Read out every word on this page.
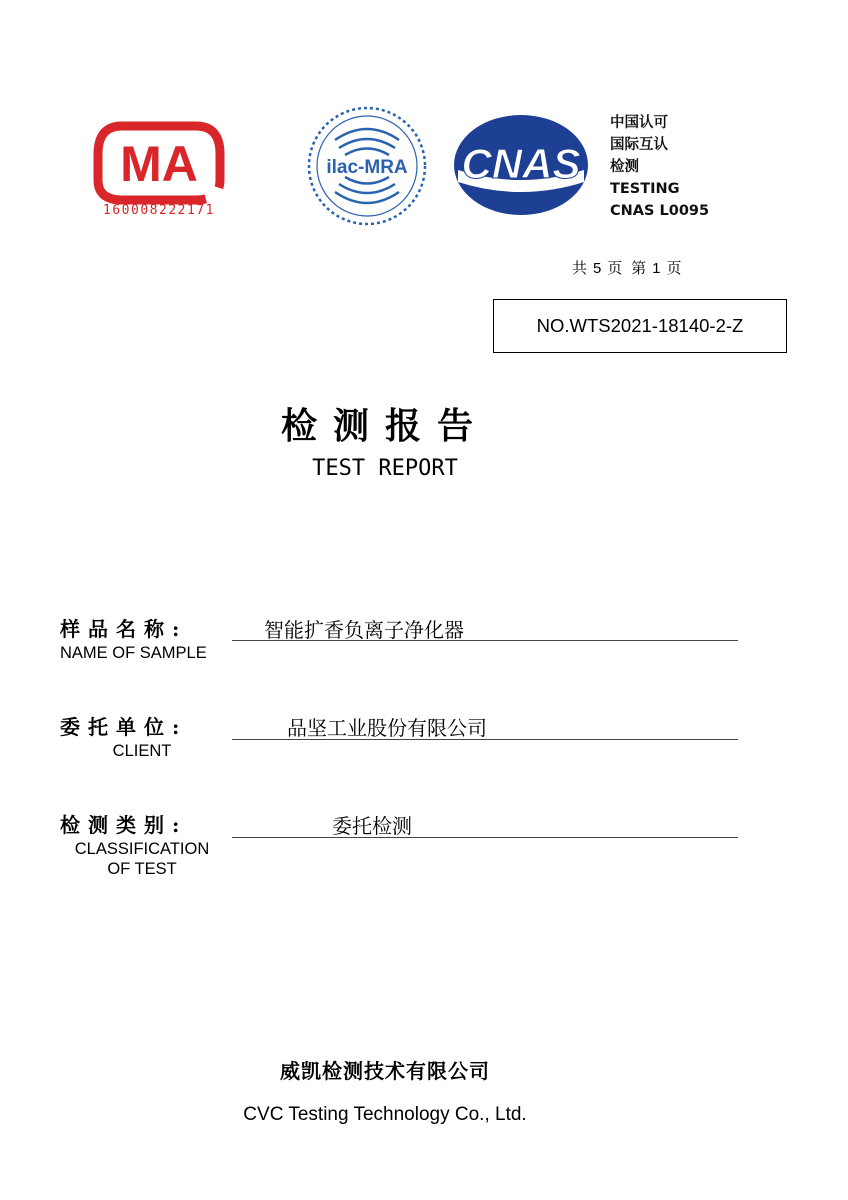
MA
160008222171
ilac-MRA CNAS
中国认可
国际互认
检测
TESTING
CNAS L0095
共 5 页 第 1 页
NO.WTS2021-18140-2-Z
检测报告
TEST REPORT
样品名称:
NAME OF SAMPLE
智能扩香负离子净化器
委托单位:
CLIENT
品坚工业股份有限公司
检测类别:
CLASSIFICATION
OF TEST
委托检测
威凯检测技术有限公司
CVC Testing Technology Co., Ltd.
